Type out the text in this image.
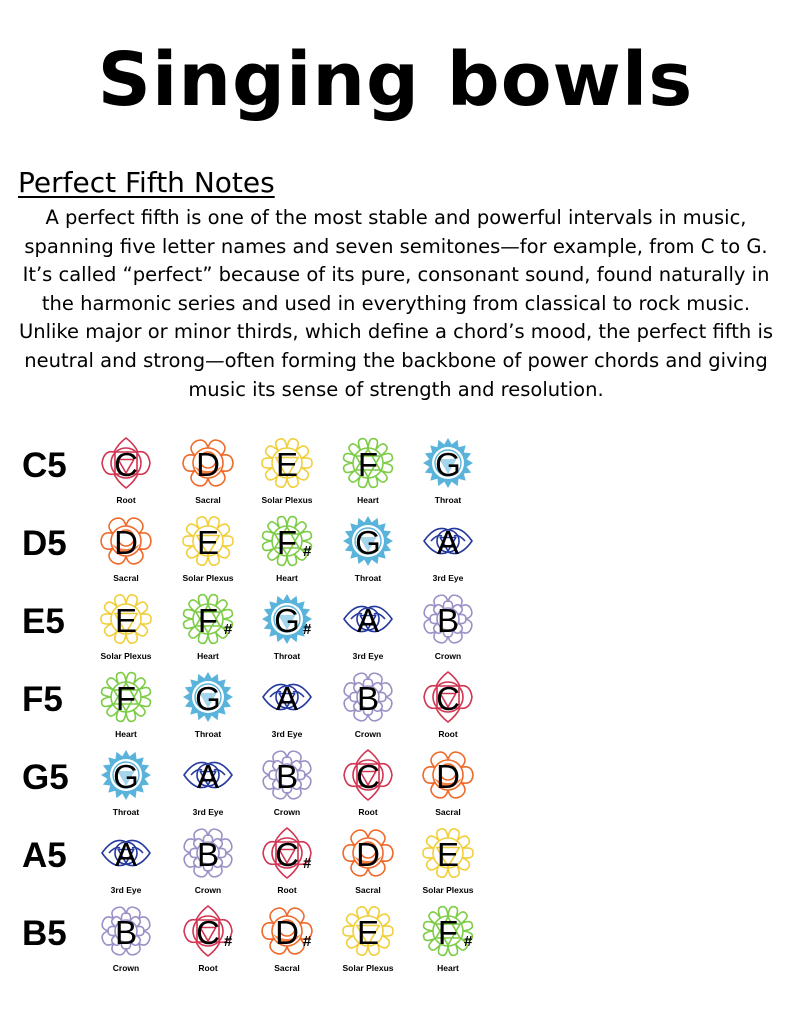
Singing bowls
Perfect Fifth Notes
A perfect fifth is one of the most stable and powerful intervals in music, spanning five letter names and seven semitones—for example, from C to G. It’s called “perfect” because of its pure, consonant sound, found naturally in the harmonic series and used in everything from classical to rock music. Unlike major or minor thirds, which define a chord’s mood, the perfect fifth is neutral and strong—often forming the backbone of power chords and giving music its sense of strength and resolution.
C5	C
Root
D
Sacral
E
Solar Plexus
F
Heart
G
Throat
D5	D
Sacral
E
Solar Plexus
F #
Heart
G
Throat
A
3rd Eye
E5	E
Solar Plexus
F #
Heart
G #
Throat
A
3rd Eye
B
Crown
F5	F
Heart
G
Throat
A
3rd Eye
B
Crown
C
Root
G5	G
Throat
A
3rd Eye
B
Crown
C
Root
D
Sacral
A5	A
3rd Eye
B
Crown
C #
Root
D
Sacral
E
Solar Plexus
B5	B
Crown
C #
Root
D #
Sacral
E
Solar Plexus
F #
Heart
